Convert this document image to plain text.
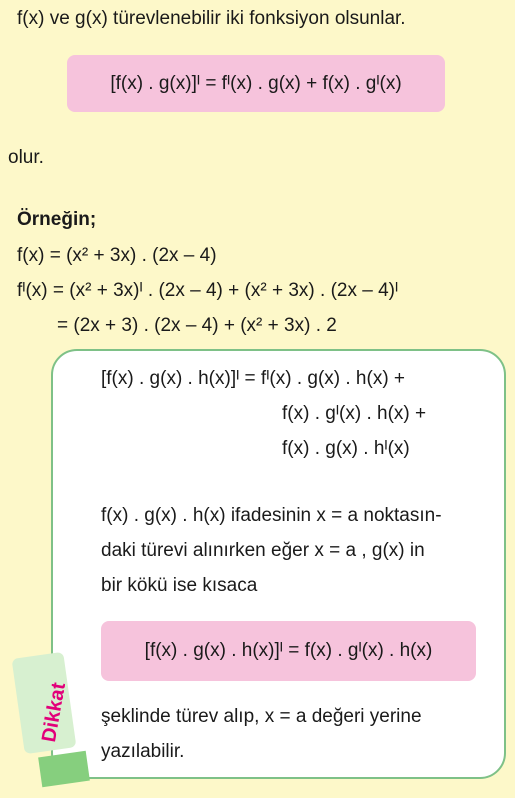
f(x) ve g(x) türevlenebilir iki fonksiyon olsunlar.
[f(x) . g(x)]ᴵ = fᴵ(x) . g(x) + f(x) . gᴵ(x)
olur.
Örneğin;
f(x) = (x² + 3x) . (2x – 4)
fᴵ(x) = (x² + 3x)ᴵ . (2x – 4) + (x² + 3x) . (2x – 4)ᴵ
= (2x + 3) . (2x – 4) + (x² + 3x) . 2
[f(x) . g(x) . h(x)]ᴵ = fᴵ(x) . g(x) . h(x) +
f(x) . gᴵ(x) . h(x) +
f(x) . g(x) . hᴵ(x)
f(x) . g(x) . h(x) ifadesinin x = a noktasın-
daki türevi alınırken eğer x = a , g(x) in
bir kökü ise kısaca
[f(x) . g(x) . h(x)]ᴵ = f(x) . gᴵ(x) . h(x)
şeklinde türev alıp, x = a değeri yerine
yazılabilir.
Dikkat
